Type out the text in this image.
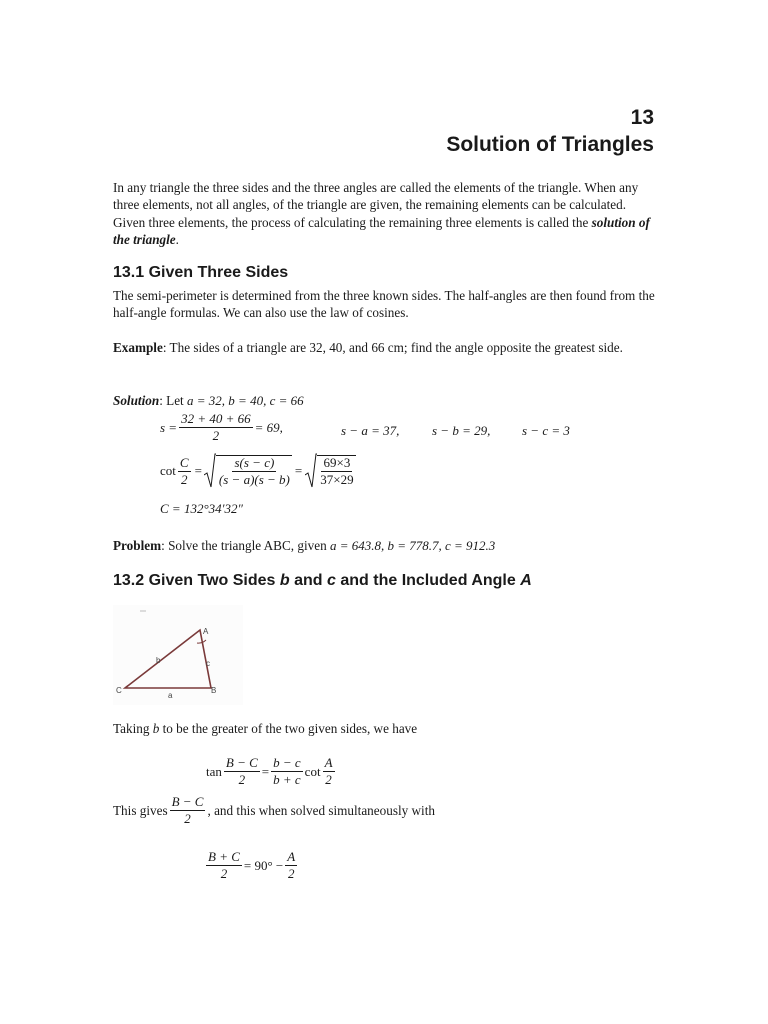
13
Solution of Triangles
In any triangle the three sides and the three angles are called the elements of the triangle. When any three elements, not all angles, of the triangle are given, the remaining elements can be calculated. Given three elements, the process of calculating the remaining three elements is called the solution of the triangle.
13.1 Given Three Sides
The semi-perimeter is determined from the three known sides. The half-angles are then found from the half-angle formulas. We can also use the law of cosines.
Example: The sides of a triangle are 32, 40, and 66 cm; find the angle opposite the greatest side.
Solution: Let a = 32, b = 40, c = 66
$s = \frac{32 + 40 + 66}{2} = 69$,	s − a = 37,	s − b = 29, s − c = 3
$\cot \frac{C}{2} = \frac{s(s - c)}{(s - a)(s - b)} = \frac{69\times 3}{37\times 29}$
C = 132°34′32″
Problem: Solve the triangle ABC, given a = 643.8, b = 778.7, c = 912.3
13.2 Given Two Sides b and c and the Included Angle A
A
B
C
a
b	c
Taking b to be the greater of the two given sides, we have
$\tan \frac{B - C}{2} = \frac{b - c}{b + c}$ $\cot \frac{A}{2}$
This gives $\frac{B - C}{2}$ , and this when solved simultaneously with
$\frac{B + C}{2} = 90^\circ - \frac{A}{2}$
